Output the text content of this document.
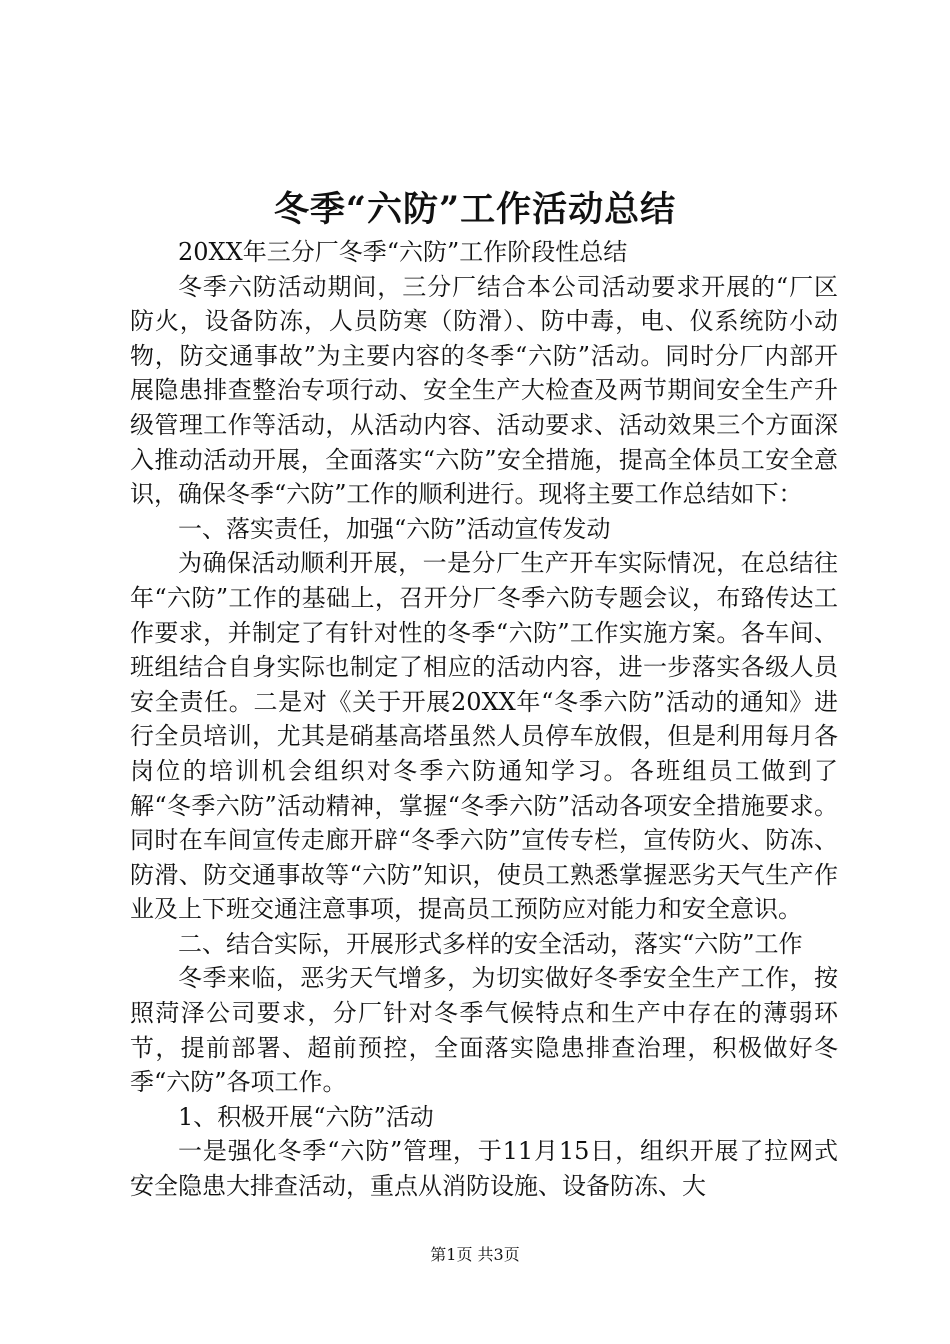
冬季“六防”工作活动总结

20XX年三分厂冬季“六防”工作阶段性总结

冬季六防活动期间，三分厂结合本公司活动要求开展的“厂区防火，设备防冻，人员防寒（防滑）、防中毒，电、仪系统防小动物，防交通事故”为主要内容的冬季“六防”活动。同时分厂内部开展隐患排查整治专项行动、安全生产大检查及两节期间安全生产升级管理工作等活动，从活动内容、活动要求、活动效果三个方面深入推动活动开展，全面落实“六防”安全措施，提高全体员工安全意识，确保冬季“六防”工作的顺利进行。现将主要工作总结如下：

一、落实责任，加强“六防”活动宣传发动

为确保活动顺利开展，一是分厂生产开车实际情况，在总结往年“六防”工作的基础上，召开分厂冬季六防专题会议，布臵传达工作要求，并制定了有针对性的冬季“六防”工作实施方案。各车间、班组结合自身实际也制定了相应的活动内容，进一步落实各级人员安全责任。二是对《关于开展20XX年“冬季六防”活动的通知》进行全员培训，尤其是硝基高塔虽然人员停车放假，但是利用每月各岗位的培训机会组织对冬季六防通知学习。各班组员工做到了解“冬季六防”活动精神，掌握“冬季六防”活动各项安全措施要求。同时在车间宣传走廊开辟“冬季六防”宣传专栏，宣传防火、防冻、防滑、防交通事故等“六防”知识，使员工熟悉掌握恶劣天气生产作业及上下班交通注意事项，提高员工预防应对能力和安全意识。

二、结合实际，开展形式多样的安全活动，落实“六防”工作

冬季来临，恶劣天气增多，为切实做好冬季安全生产工作，按照菏泽公司要求，分厂针对冬季气候特点和生产中存在的薄弱环节，提前部署、超前预控，全面落实隐患排查治理，积极做好冬季“六防”各项工作。

1、积极开展“六防”活动

一是强化冬季“六防”管理，于11月15日，组织开展了拉网式安全隐患大排查活动，重点从消防设施、设备防冻、大

第1页 共3页
